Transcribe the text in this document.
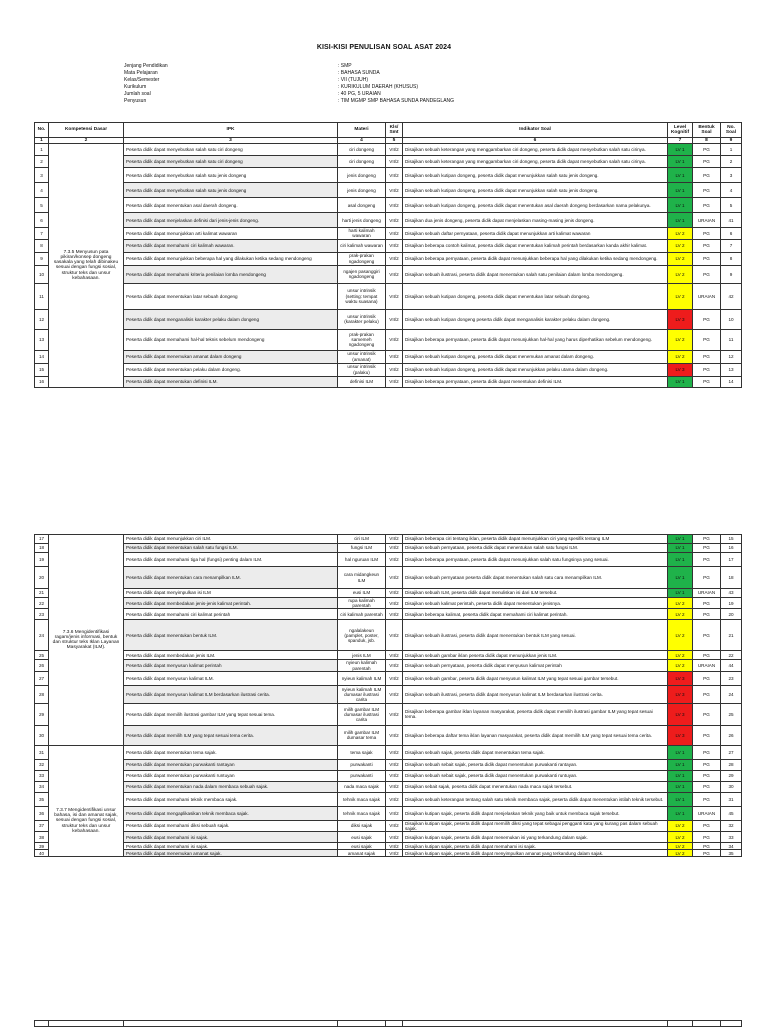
KISI-KISI PENULISAN SOAL ASAT 2024
Jenjang Pendidikan	: SMP
Mata Pelajaran	: BAHASA SUNDA
Kelas/Semester	: VII (TUJUH)
Kurikulum	: KURIKULUM DAERAH (KHUSUS)
Jumlah soal	: 40 PG, 5 URAIAN
Penyusun	: TIM MGMP SMP BAHASA SUNDA PANDEGLANG
No.	Kompetensi Dasar	IPK	Materi	Kls/ Smt	Indikator Soal	Level Kognitif	Bentuk Soal	No. Soal
1	2	3	4	5	6	7	8	9
1	7.3.5 Menyusun pata pikiran/konsep dongeng sasakala yang telah dibinakeu sesuai dengan fungsi sosial, struktur teks dan unsur kebahasaan.	Peserta didik dapat menyebutkan salah satu ciri dongeng	ciri dongeng	VII/2	Disajikan sebuah keterangan yang menggambarkan ciri dongeng, peserta didik dapat menyebutkan salah satu cirinya.	LV 1	PG	1
2		Peserta didik dapat menyebutkan salah satu ciri dongeng	ciri dongeng	VII/2	Disajikan sebuah keterangan yang menggambarkan ciri dongeng, peserta didik dapat menyebutkan salah satu cirinya.	LV 1	PG	2
3		Peserta didik dapat menyebutkan salah satu jenis dongeng	jenis dongeng	VII/2	Disajikan sebuah kutipan dongeng, peserta didik dapat menunjukkan salah satu jenis dongeng.	LV 1	PG	3
4		Peserta didik dapat menyebutkan salah satu jenis dongeng	jenis dongeng	VII/2	Disajikan sebuah kutipan dongeng, peserta didik dapat menunjukkan salah satu jenis dongeng.	LV 1	PG	4
5		Peserta didik dapat menentukan asal daerah dongeng.	asal dongeng	VII/2	Disajikan sebuah kutipan dongeng, peserta didik dapat menentukan asal daerah dongeng berdasarkan nama pelakunya.	LV 1	PG	5
6		Peserta didik dapat menjelaskan definisi dari jenis-jenis dongeng.	harti jenis dongeng	VII/2	Disajikan dua jenis dongeng, peserta didik dapat menjelaskan masing-masing jenis dongeng.	LV 1	URAIAN	41
7		Peserta didik dapat menunjukkan arti kalimat wawaran	harti kalimah wawaran	VII/2	Disajikan sebuah daftar pernyataan, peserta didik dapat menunjukkan arti kalimat wawaran	LV 2	PG	6
8		Peserta didik dapat memahami ciri kalimah wawaran.	ciri kalimah wawaran	VII/2	Disajikan beberapa contoh kalimat, peserta didik dapat menentukan kalimah perintah berdasarkan kanda akhir kalimat.	LV 2	PG	7
9		Peserta didik dapat menunjukkan beberapa hal yang dilakukan ketika sedang mendongeng	prak-prakan ngadongeng	VII/2	Disajikan beberapa pernyataan, peserta didik dapat menunjukkan beberapa hal yang dilakukan ketika sedang mendongeng.	LV 2	PG	8
10		Peserta didik dapat memahami kriteria penilaian lomba mendongeng	ngajen pasanggiri ngadongeng	VII/2	Disajikan sebuah ilustrasi, peserta didik dapat menentukan salah satu penilaian dalam lomba mendongeng.	LV 2	PG	9
11		Peserta didik dapat menentukan latar sebuah dongeng	unsur intrinsik (setting: tempat waktu suasana)	VII/2	Disajikan sebuah kutipan dongeng, peserta didik dapat menentukan latar sebuah dongeng.	LV 2	URAIAN	42
12		Peserta didik dapat menganalisis karakter pelaku dalam dongeng	unsur intrinsik (karakter pelaku)	VII/2	Disajikan sebuah kutipan dongeng peserta didik dapat menganalisis karakter pelaku dalam dongeng.	LV 3	PG	10
13		Peserta didik dapat memahami hal-hal teknis sebelum mendongeng	prak-prakan samemeh ngadongeng	VII/2	Disajikan beberapa pernyataan, peserta didik dapat menunjukkan hal-hal yang harus diperhatikan sebelum mendongeng.	LV 2	PG	11
14		Peserta didik dapat menemukan amanat dalam dongeng	unsur intrinsik (amanat)	VII/2	Disajikan sebuah kutipan dongeng, peserta didik dapat menemukan amanat dalam dongeng.	LV 2	PG	12
15		Peserta didik dapat menentukan pelaku dalam dongeng.	unsur intrinsik (palaku)	VII/2	Disajikan sebuah kutipan dongeng, peserta didik dapat menunjukkan pelaku utama dalam dongeng.	LV 3	PG	13
16		Peserta didik dapat menentukan definisi ILM.	definisi ILM	VII/2	Disajikan beberapa pernyataan, peserta didik dapat menentukan definisi ILM.	LV 1	PG	14
17	7.3.6 Mengidentifikasi ragam/jenis informasi, bentuk dan struktur teks Iklan Layanan Masyarakat (ILM).	Peserta didik dapat menunjukkan ciri ILM.	ciri ILM	VII/2	Disajikan beberapa ciri tentang iklan, peserta didik dapat menunjukkan ciri yang spesifik tentang ILM	LV 1	PG	15
18		Peserta didik dapat menentukan salah satu fungsi ILM.	fungsi ILM	VII/2	Disajikan sebuah pernyataan, peserta didik dapat menentukan salah satu fungsi ILM.	LV 1	PG	16
19		Peserta didik dapat memahami tiga hal (fungsi) penting dalam ILM.	hal nguruan ILM	VII/2	Disajikan beberapa pernyataan, peserta didik dapat menunjukkan salah satu fungsinya yang sesuai.	LV 1	PG	17
20		Peserta didik dapat menentukan cara menampilkan ILM.	cara midangkeun ILM	VII/2	Disajikan sebuah pernyataan peserta didik dapat menentukan salah satu cara menampilkan ILM.	LV 1	PG	18
21		Peserta didik dapat menyimpulkan isi ILM	eusi ILM	VII/2	Disajikan sebuah ILM, peserta didik dapat menuliskan isi dari ILM tersebut.	LV 1	URAIAN	43
22		Peserta didik dapat membedakan jenis-jenis kalimat perintah.	rupa kalimah parentah	VII/2	Disajikan sebuah kalimat perintah, peserta didik dapat menentukan jenisnya.	LV 2	PG	19
23		Peserta didik dapat memahami ciri kalimat perintah	ciri kalimah parentah	VII/2	Disajikan beberapa kalimat, peserta didik dapat memahami ciri kalimat perintah.	LV 2	PG	20
24		Peserta didik dapat menentukan bentuk ILM.	ngalalakeun (pamplet, poster, spanduk, jsb.	VII/2	Disajikan sebuah ilustrasi, peserta didik dapat menentukan bentuk ILM yang sesuai.	LV 2	PG	21
25		Peserta didik dapat membedakan jenis ILM.	jenis ILM	VII/2	Disajikan sebuah gambar iklan peserta didik dapat menunjukkan jenis ILM.	LV 2	PG	22
26		Peserta didik dapat menyusun kalimat perintah	nyieun kalimah parentah	VII/2	Disajikan sebuah pernyataan, peserta didik dapat menyusun kalimat perintah	LV 2	URAIAN	44
27		Peserta didik dapat menyusun kalimat ILM.	nyieun kalimah ILM	VII/2	Disajikan sebuah gambar, peserta didik dapat menyusun kalimat ILM yang tepat sesuai gambar tersebut.	LV 3	PG	23
28		Peserta didik dapat menyusun kalimat ILM berdasarkan ilustrasi cerita.	nyieun kalimah ILM dumasar ilustrasi carita	VII/2	Disajikan sebuah ilustrasi, peserta didik dapat menyusun kalimat ILM berdasarkan ilustrasi cerita.	LV 3	PG	24
29		Peserta didik dapat memilih ilustrasi gambar ILM yang tepat sesuai tema.	milih gambar ILM dumasar ilustrasi carita	VII/2	Disajikan beberapa gambar iklan layanan masyarakat, peserta didik dapat memilih ilustrasi gambar ILM yang tepat sesuai tema.	LV 3	PG	25
30		Peserta didik dapat memilih ILM yang tepat sesuai tema cerita.	milih gambar ILM dumasar tema	VII/2	Disajikan beberapa daftar tema iklan layanan masyarakat, peserta didik dapat memilih ILM yang tepat sesuai tema cerita.	LV 3	PG	26
31	7.3.7 Mengidentifikasi unsur bahasa, isi dan amanat sajak, sesuai dengan fungsi sosial, struktur teks dan unsur kebahasaan.	Peserta didik dapat menentukan tema sajak.	tema sajak	VII/2	Disajikan sebuah sajak, peserta didik dapat menentukan tema sajak.	LV 1	PG	27
32		Peserta didik dapat menentukan purwakanti rantayan	purwakanti	VII/2	Disajikan sebuah sebait sajak, peserta didik dapat menentukan purwakanti rantayan.	LV 1	PG	28
33		Peserta didik dapat menentukan purwakanti runtuyan	purwakanti	VII/2	Disajikan sebuah sebait sajak, peserta didik dapat menentukan purwakanti runtuyan.	LV 1	PG	29
34		Peserta didik dapat menentukan nada dalam membaca sebuah sajak.	nada maca sajak	VII/2	Disajikan sebait sajak, peserta didik dapat menentukan nada maca sajak tersebut.	LV 1	PG	30
35		Peserta didik dapat memahami teknik membaca sajak.	tehnik maca sajak	VII/2	Disajikan sebuah keterangan tentang salah satu teknik membaca sajak, peserta didik dapat menentukan istilah teknik tersebut.	LV 1	PG	31
36		Peserta didik dapat mengaplikasikan teknik membaca sajak.	tehnik maca sajak	VII/2	Disajikan kutipan sajak, peserta didik dapat menjelaskan teknik yang baik untuk membaca sajak tersebut.	LV 1	URAIAN	45
37		Peserta didik dapat memahami diksi sebuah sajak.	diksi sajak	VII/2	Disajikan kutipan sajak, peserta didik dapat memilih diksi yang tepat sebagai pengganti kata yang kurang pas dalam sebuah sajak.	LV 2	PG	32
38		Peserta didik dapat memahami isi sajak.	eusi sajak	VII/2	Disajikan kutipan sajak, peserta didik dapat menemukan isi yang terkandung dalam sajak.	LV 2	PG	33
39		Peserta didik dapat memahami isi sajak.	eusi sajak	VII/2	Disajikan kutipan sajak, peserta didik dapat memahami isi sajak.	LV 2	PG	34
40		Peserta didik dapat menemukan amanat sajak.	amanat sajak	VII/2	Disajikan kutipan sajak, peserta didik dapat menyimpulkan amanat yang terkandung dalam sajak.	LV 2	PG	35
